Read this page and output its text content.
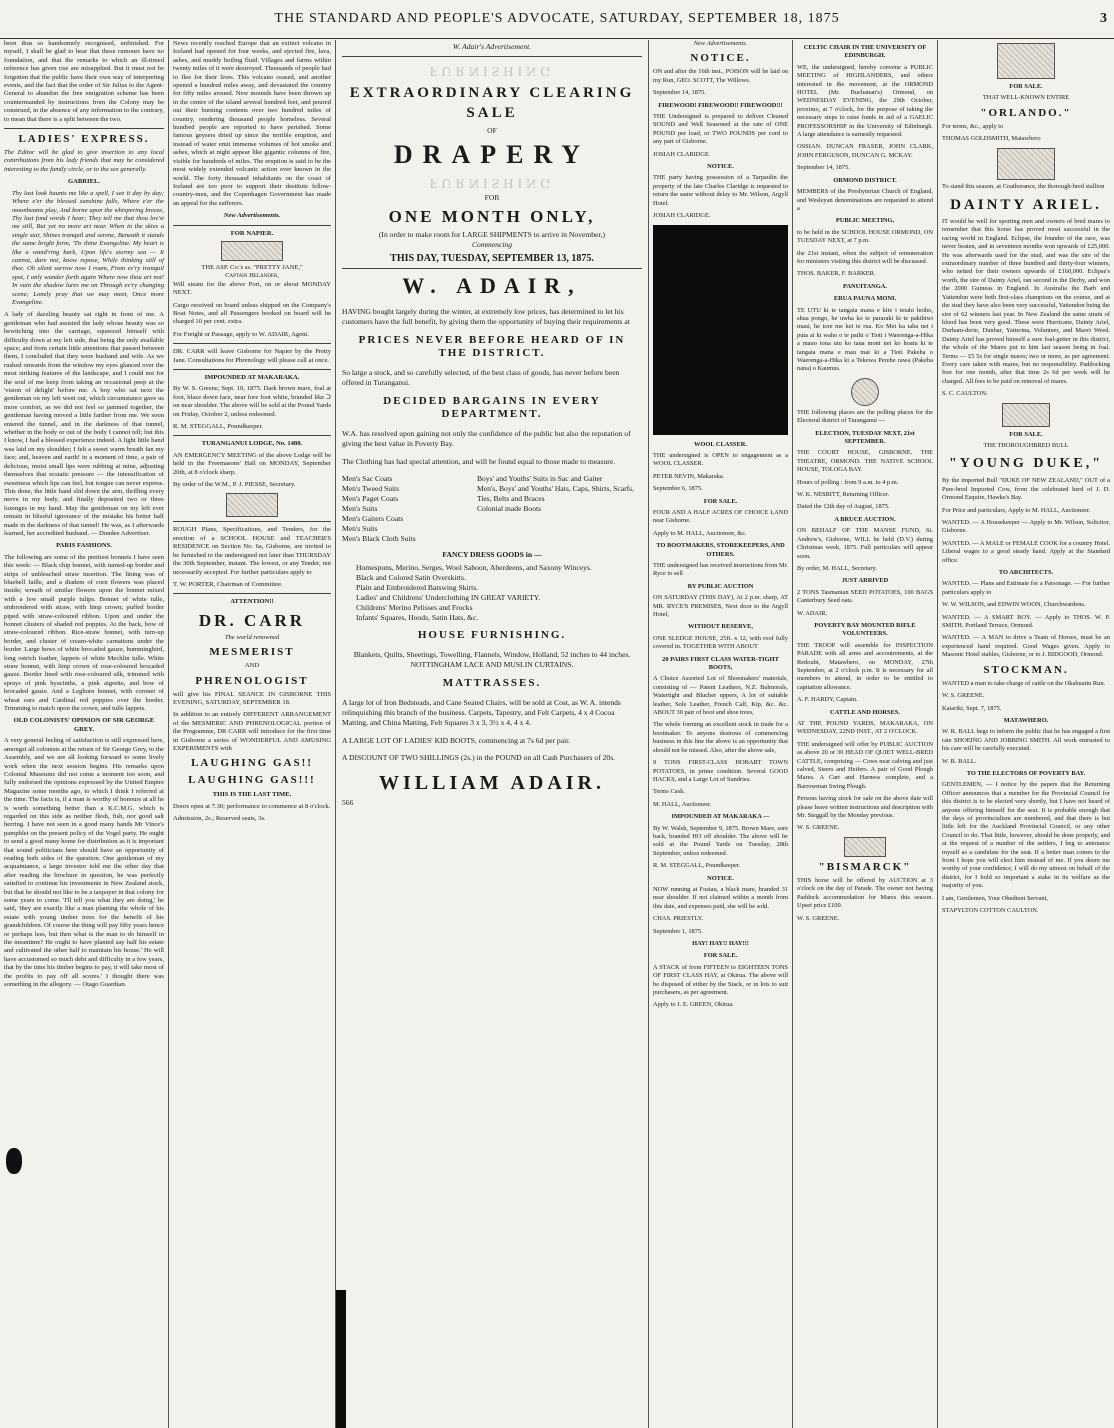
THE STANDARD AND PEOPLE'S ADVOCATE, SATURDAY, SEPTEMBER 18, 1875	3

been thus so handsomely recognised, unfinished. For myself, I shall be glad to hear that these rumours have no foundation, and that the remarks to which an ill-timed reference has given rise are misapplied. But it must not be forgotten that the public have their own way of interpreting events, and the fact that the order of Sir Julius to the Agent-General to abandon the free emigration scheme has been countermanded by instructions from the Colony may be construed, in the absence of any information to the contrary, to mean that there is a split between the two.

LADIES' EXPRESS.

The Editor will be glad to give insertion to any local contributions from his lady friends that may be considered interesting to the family circle, or to the sex generally.

GABRIEL.

Thy last look haunts me like a spell, I see it day by day; Where e'er the blessed sunshine falls, Where e'er the moonbeams play, And borne upon the whispering breeze, Thy last fond words I hear; They tell me that thou lov'st me still, But yet no more art near. When in the skies a single star, Shines tranquil and serene, Beneath it stands the same bright form, 'Tis thine Evangeline. My heart is like a wand'ring bark, Upon life's stormy sea — It cannot, dare not, know repose, While thinking still of thee. Oh silent sorrow now I roam, From ev'ry tranquil spot, I only wander forth again Where now thou art not! In vain the shadow lures me on Through ev'ry changing scene; Lonely pray that we may meet, Once more Evangeline.

A lady of dazzling beauty sat right in front of me. A gentleman who had assisted the lady whose beauty was so bewitching into the carriage, squeezed himself with difficulty down at my left side, that being the only available space; and from certain little attentions that passed between them, I concluded that they were husband and wife. As we rushed onwards from the window my eyes glanced over the most striking features of the landscape, and I could not for the soul of me keep from taking an occasional peep at the 'vision of delight' before me. A boy who sat next the gentleman on my left went out, which circumstance gave us more comfort, as we did not feel so jammed together, the gentleman having moved a little farther from me. We soon entered the tunnel, and in the darkness of that tunnel, whether in the body or out of the body I cannot tell; but this I know, I had a blessed experience indeed. A light little hand was laid on my shoulder; I felt a sweet warm breath fan my face; and, heaven and earth! in a moment of time, a pair of delicious, moist small lips were rubbing at mine, adjusting themselves that ecstatic pressure — the intensification of sweetness which lips can feel, but tongue can never express. This done, the little hand slid down the arm, thrilling every nerve in my body, and finally deposited two or three lozenges in my hand. May the gentleman on my left ever remain in blissful ignorance of the mistake his better half made in the darkness of that tunnel! He was, as I afterwards learned, her accredited husband. — Dundee Advertiser.

PARIS FASHIONS.

The following are some of the prettiest bonnets I have seen this week: — Black chip bonnet, with turned-up border and strips of unbleached straw insertion. The lining was of bluebell faille, and a diadem of corn flowers was placed inside; wreath of similar flowers upon the bonnet mixed with a few small purple tulips. Bonnet of white tulle, embroidered with straw, with limp crown; puffed border piped with straw-coloured ribbon. Upon and under the bonnet clusters of shaded red poppies. At the back, bow of straw-coloured ribbon. Rice-straw bonnet, with turn-up border, and cluster of cream-white carnations under the border. Large bows of white brocaded gauze, hummingbird, long ostrich feather, lappets of white Mechlin tulle. White straw bonnet, with limp crown of rose-coloured brocaded gauze. Border lined with rose-coloured silk, trimmed with sprays of pink hyacinths, a pink aigrette, and bow of brocaded gauze. And a Leghorn bonnet, with coronet of wheat ears and Cardinal red poppies over the border. Trimming to match upon the crown, and tulle lappets.

OLD COLONISTS' OPINION OF SIR GEORGE GREY.

A very general feeling of satisfaction is still expressed here, amongst all colonists at the return of Sir George Grey, to the Assembly, and we are all looking forward to some lively work when the next session begins. His remarks upon Colonial Museums did not come a moment too soon, and fully endorsed the opinions expressed by the United Empire Magazine some months ago, to which I think I referred at the time. The facts is, if a man is worthy of honours at all he is worth something better than a K.C.M.G. which is regarded on this side as neither flesh, fish, nor good salt herring. I have not seen in a good many hands Mr Vince's pamphlet on the present policy of the Vogel party. He ought to send a good many home for distribution as it is important that sound politicians here should have an opportunity of reading both sides of the question. One gentleman of my acquaintance, a large investor told me the other day that after reading the brochure in question, he was perfectly satisfied to continue his investments in New Zealand stock, but that he should not like to be a taxpayer in that colony for some years to come. 'I'll tell you what they are doing,' he said, 'they are exactly like a man planting the whole of his estate with young timber trees for the benefit of his grandchildren. Of course the thing will pay fifty years hence or perhaps less, but then what is the man to do himself in the meantime? He ought to have planted say half his estate and cultivated the other half to maintain his house.' He will have accustomed so much debt and difficulty in a few years, that by the time his timber begins to pay, it will take most of the profits to pay off all scores.' I thought there was something in the allegory. — Otago Guardian.

News recently reached Europe that an extinct volcano in Iceland had opened for four weeks, and ejected fire, lava, ashes, and muddy boiling fluid. Villages and farms within twenty miles of it were destroyed. Thousands of people had to flee for their lives. This volcano ceased, and another opened a hundred miles away, and devastated the country for fifty miles around. New mounds have been thrown up in the centre of the island several hundred feet, and poured out their burning contents over two hundred miles of country, rendering thousand people homeless. Several hundred people are reported to have perished. Some famous geysers dried up since the terrible eruption, and instead of water emit immense volumes of hot smoke and ashes, which at night appear like gigantic columns of fire, visible for hundreds of miles. The eruption is said to be the most widely extended volcanic action ever known in the world. The forty thousand inhabitants on the coast of Iceland are too poor to support their destitute fellow-country-men, and the Copenhagen Government has made an appeal for the sufferers.

New Advertisements.
FOR NAPIER.
THE ASP. Co.'s ss. "PRETTY JANE,"
Captain Helander,

Will steam for the above Port, on or about MONDAY NEXT.

Cargo received on board unless shipped on the Company's Boat Notes, and all Passengers booked on board will be charged 10 per cent. extra.

For Freight or Passage, apply to W. ADAIR, Agent.

DR. CARR will leave Gisborne for Napier by the Pretty Jane. Consultations for Phrenology will please call at once.

IMPOUNDED AT MAKARAKA.

By W. S. Greene, Sept. 10, 1875. Dark brown mare, foal at foot, blaze down face, near fore foot white, branded like ᑐ on near shoulder. The above will be sold at the Pound Yards on Friday, October 2, unless redeemed.

R. M. STEGGALL, Poundkeeper.

TURANGANUI LODGE, No. 1480.

AN EMERGENCY MEETING of the above Lodge will be held in the Freemasons' Hall on MONDAY, September 20th, at 8 o'clock sharp.

By order of the W.M., P. J. PIESSE, Secretary.

ROUGH Plans, Specifications, and Tenders, for the erection of a SCHOOL HOUSE and TEACHER'S RESIDENCE on Section No. 6a, Gisborne, are invited to be furnished to the undersigned not later than THURSDAY the 30th September, instant. The lowest, or any Tender, not necessarily accepted. For further particulars apply to

T. W. PORTER, Chairman of Committee.

ATTENTION!!
DR. CARR
The world renowned
MESMERIST
AND
PHRENOLOGIST

will give his FINAL SEANCE IN GISBORNE THIS EVENING, SATURDAY, SEPTEMBER 18.

In addition to an entirely DIFFERENT ARRANGEMENT of the MESMERIC AND PHRENOLOGICAL portion of the Programme, DR CARR will introduce for the first time in Gisborne a series of WONDERFUL AND AMUSING EXPERIMENTS with

LAUGHING GAS!!
LAUGHING GAS!!!
THIS IS THE LAST TIME.

Doors open at 7.30; performance to commence at 8 o'clock.

Admission, 2s.; Reserved seats, 3s.

W. Adair's Advertisement.
FURNISHING
EXTRAORDINARY CLEARING SALE
OF
DRAPERY
FURNISHING
FOR
ONE MONTH ONLY,
(In order to make room for LARGE SHIPMENTS to arrive in November,)
Commencing
THIS DAY, TUESDAY, SEPTEMBER 13, 1875.
W. ADAIR,

HAVING bought largely during the winter, at extremely low prices, has determined to let his customers have the full benefit, by giving them the opportunity of buying their requirements at

PRICES NEVER BEFORE HEARD OF IN THE DISTRICT.

So large a stock, and so carefully selected, of the best class of goods, has never before been offered in Turanganui.

DECIDED BARGAINS IN EVERY DEPARTMENT.

W.A. has resolved upon gaining not only the confidence of the public but also the reputation of giving the best value in Poverty Bay.

The Clothing has had special attention, and will be found equal to those made to measure.

Men's Sac Coats
Men's Tweed Suits
Men's Paget Coats
Men's Suits
Men's Gaiters Coats
Men's Suits
Men's Black Cloth Suits
Boys' and Youths' Suits in Sac and Gaiter
Men's, Boys' and Youths' Hats, Caps, Shirts, Scarfs, Ties, Belts and Braces
Colonial made Boots
FANCY DRESS GOODS in —
Homespuns, Merino, Serges, Wool Saboon, Aberdeens, and Saxony Winceys.
Black and Colored Satin Overskirts.
Plain and Embroidered Batswing Skirts.
Ladies' and Childrens' Underclothing IN GREAT VARIETY.
Childrens' Merino Pelisses and Frocks
Infants' Squares, Hoods, Satin Hats, &c.
HOUSE FURNISHING.

Blankets, Quilts, Sheetings, Towelling, Flannels, Window, Holland, 52 inches to 44 inches. NOTTINGHAM LACE AND MUSLIN CURTAINS.

MATTRASSES.

A large lot of Iron Bedsteads, and Cane Seated Chairs, will be sold at Cost, as W. A. intends relinquishing this branch of the business. Carpets, Tapestry, and Felt Carpets, 4 x 4 Cocoa Matting, and China Matting, Felt Squares 3 x 3, 3½ x 4, 4 x 4.

A LARGE LOT OF LADIES' KID BOOTS, commencing at 7s 6d per pair.

A DISCOUNT OF TWO SHILLINGS (2s.) in the POUND on all Cash Purchasers of 20s.

WILLIAM ADAIR.
566
New Advertisements.
NOTICE.

ON and after the 16th inst., POISON will be laid on my Run, GEO. SCOTT, The Willows.

September 14, 1875.

FIREWOOD! FIREWOOD!! FIREWOOD!!!

THE Undersigned is prepared to deliver Cleaned SOUND and Well Seasoned at the rate of ONE POUND per load, or TWO POUNDS per cord to any part of Gisborne.

JOSIAH CLARIDGE.

NOTICE.

THE party having possession of a Tarpaulin the property of the late Charles Claridge is requested to return the same without delay to Mr. Wilson, Argyll Hotel.

JOSIAH CLARIDGE.

WOOL CLASSER.

THE undersigned is OPEN to engagement as a WOOL CLASSER.

PETER NEVIN, Makaraka.

September 6, 1875.

FOR SALE.

FOUR AND A HALF ACRES OF CHOICE LAND near Gisborne.

Apply to M. HALL, Auctioneer, &c.

TO BOOTMAKERS, STOREKEEPERS, AND OTHERS.

THE undersigned has received instructions from Mr. Ryce to sell

BY PUBLIC AUCTION

ON SATURDAY (THIS DAY), At 2 p.m. sharp, AT MR. RYCE'S PREMISES, Next door to the Argyll Hotel,

WITHOUT RESERVE,

ONE SLEDGE HOUSE, 25ft. x 12, with roof fully covered in. TOGETHER WITH ABOUT

20 PAIRS FIRST CLASS WATER-TIGHT BOOTS,

A Choice Assorted Lot of Shoemakers' materials, consisting of — Patent Leathers, N.Z. Balmorals, Watertight and Blucher uppers, A lot of suitable leather, Sole Leather, French Calf, Kip, &c. &c. ABOUT 30 pair of boot and shoe trees,

The whole forming an excellent stock in trade for a bootmaker. To anyone desirous of commencing business in this line the above is an opportunity that should not be missed. Also, after the above sale,

9 TONS FIRST-CLASS HOBART TOWN POTATOES, in prime condition. Several GOOD HACKS, and a Large Lot of Sundries.

Terms Cash.

M. HALL, Auctioneer.

IMPOUNDED AT MAKARAKA —

By W. Walsh, September 9, 1875. Brown Mare, sore back, branded HO off shoulder. The above will be sold at the Pound Yards on Tuesday, 28th September, unless redeemed.

R. M. STEGGALL, Poundkeeper.

NOTICE.

NOW running at Fostau, a black mare, branded 31 near shoulder. If not claimed within a month from this date, and expenses paid, she will be sold.

CHAS. PRIESTLY.

September 1, 1875.

HAY! HAY!! HAY!!!
FOR SALE.

A STACK of from FIFTEEN to EIGHTEEN TONS OF FIRST CLASS HAY, at Okirua. The above will be disposed of either by the Stack, or in lots to suit purchasers, as per agreement.

Apply to J. E. GREEN, Okirua.

CELTIC CHAIR IN THE UNIVERSITY OF EDINBURGH.

WE, the undersigned, hereby convene a PUBLIC MEETING of HIGHLANDERS, and others interested in the movement, at the ORMOND HOTEL (Mr. Buchanan's) Ormond, on WEDNESDAY EVENING, the 29th October, proximo, at 7 o'clock, for the purpose of taking the necessary steps to raise funds in aid of a GAELIC PROFESSORSHIP in the University of Edinburgh. A large attendance is earnestly requested.

OSSIAN. DUNCAN FRASER, JOHN CLARK, JOHN FERGUSON, DUNCAN G. MCKAY.

September 14, 1875.

ORMOND DISTRICT.

MEMBERS of the Presbyterian Church of England, and Wesleyan denominations are requested to attend a

PUBLIC MEETING,

to be held in the SCHOOL HOUSE ORMOND, ON TUESDAY NEXT, at 7 p.m.

the 21st instant, when the subject of remuneration for ministers visiting this district will be discussed.

THOS. BAKER, F. BARKER.

PANUITANGA.
ERUA PAUNA MONI.

TE UTU ki te tangata mana e kite i tetahi hoiho, shua pongo, he uwha ko te pararaki ki te pakihiwi maui, he tore me kei te rua. Ko Mei ka taha nei i puta ai ki waho o te paihi o Tioti i Waerenga-a-Hika a mauo tona utu ko tana moni nei ko hoatu ki te tangata mana e mau mai ki a Tioti Pakeha o Waerenga-a-Hika ki a Tekewa Perehe rawa (Pakeha nana) o Kaumus.

THE following places are the polling places for the Electoral district of Turanganui —

ELECTION, TUESDAY NEXT, 21st SEPTEMBER.

THE COURT HOUSE, GISBORNE. THE THEATRE, ORMOND. THE NATIVE SCHOOL HOUSE, TOLOGA BAY.

Hours of polling : from 9 a.m. to 4 p.m.

W. K. NESBITT, Returning Officer.

Dated the 12th day of August, 1875.

A BRUCE AUCTION.

ON BEHALF OF THE MANSE FUND, St. Andrew's, Gisborne, WILL be held (D.V.) during Christmas week, 1875. Full particulars will appear soon.

By order, M. HALL, Secretary.

JUST ARRIVED

2 TONS Tasmanian SEED POTATOES, 100 BAGS Canterbury Seed oats.

W. ADAIR.

POVERTY BAY MOUNTED RIFLE VOLUNTEERS.

THE TROOP will assemble for INSPECTION PARADE with all arms and accoutrements, at the Redoubt, Matawhero, on MONDAY, 27th September, at 2 o'clock p.m. It is necessary for all members to attend, in order to be entitled to capitation allowance.

A. F. HARDY, Captain.

CATTLE AND HORSES.

AT THE POUND YARDS, MAKARAKA, ON WEDNESDAY, 22ND INST., AT 2 O'CLOCK.

THE undersigned will offer by PUBLIC AUCTION as above 20 or 30 HEAD OF QUIET WELL-BRED CATTLE, comprising — Cows near calving and just calved, Steers and Heifers. A pair of Good Plough Mares. A Cart and Harness complete, and a Barrowman Swing Plough.

Persons having stock for sale on the above date will please leave written instructions and description with Mr. Steggall by the Monday previous.

W. S. GREENE.

"BISMARCK"

THIS horse will be offered by AUCTION at 3 o'clock on the day of Parade. The owner not having Paddock accommodation for Mares this season. Upset price £100.

W. S. GREENE.

FOR SALE.
THAT WELL-KNOWN ENTIRE
"ORLANDO."

For terms, &c., apply to

THOMAS GOLDSMITH, Matawhero

To stand this season, at Coathorance, the thorough-bred stallion

DAINTY ARIEL.

IT would be well for sporting men and owners of bred mares to remember that this horse has proved most successful in the racing world in England. Eclipse, the founder of the race, was never beaten, and in seventeen months won upwards of £25,000. He was afterwards used for the stud, and was the sire of the extraordinary number of three hundred and thirty-four winners, who netted for their owners upwards of £160,000. Eclipse's worth, the sire of Dainty Ariel, ran second in the Derby, and won the 2000 Guineas in England. In Australia the Barb and Yattendon were both first-class champions on the course, and at the stud they have also been very successful, Yattendon being the sire of 62 winners last year. In New Zealand the same strain of blood has been very good. These were Hurricane, Dainty Ariel, Durham-derie, Dunbar, Yatterina, Volunteer, and Maori Weed. Dainty Ariel has proved himself a sure foal-getter in this district, the whole of the Mares put to him last season being in foal. Terms — £5 5s for single mares; two or more, as per agreement. Every care taken with mares, but no responsibility. Paddocking free for one month, after that time 2s 6d per week will be charged. All fees to be paid on removal of mares.

S. C. CAULTON.

FOR SALE.
THE THOROUGHBRED BULL
"YOUNG DUKE,"

By the imported Bull "DUKE OF NEW ZEALAND," OUT of a Pure-bred Imported Cow, from the celebrated herd of J. D. Ormond Esquire, Hawke's Bay.

For Price and particulars, Apply to M. HALL, Auctioneer.

WANTED. — A Housekeeper — Apply to Mr. Wilson, Solicitor, Gisborne.

WANTED. — A MALE or FEMALE COOK for a country Hotel. Liberal wages to a good steady hand. Apply at the Standard office.

TO ARCHITECTS.

WANTED. — Plans and Estimate for a Parsonage. — For further particulars apply to

W. W. WILSON, and EDWIN WOON, Churchwardens.

WANTED. — A SMART BOY. — Apply to THOS. W. P. SMITH. Portland Terrace, Ormond.

WANTED. — A MAN to drive a Team of Horses, must be an experienced hand required. Good Wages given. Apply to Masonic Hotel stables, Gisborne, or to J. BIDGOOD, Ormond.

STOCKMAN.

WANTED a man to take charge of cattle on the Okahuatiu Run.

W. S. GREENE.

Kaiariki, Sept. 7, 1875.

MATAWHERO.

W. R. BALL begs to inform the public that he has engaged a first rate SHOEING AND JOBBING SMITH. All work entrusted to his care will be carefully executed.

W. R. BALL.

TO THE ELECTORS OF POVERTY BAY.

GENTLEMEN, — I notice by the papers that the Returning Officer announces that a member for the Provincial Council for this district is to be elected very shortly, but I have not heard of anyone offering himself for the seat. It is probable enough that the days of provincialism are numbered, and that there is but little left for the Auckland Provincial Council, or any other Council to do. That little, however, should be done properly, and at the request of a number of the settlers, I beg to announce myself as a candidate for the seat. If a better man comes to the front I hope you will elect him instead of me. If you deem me worthy of your confidence, I will do my utmost on behalf of the district, for I hold so important a stake in its welfare as the majority of you.

I am, Gentlemen, Your Obedient Servant,

STAPYLTON COTTON CAULTON.
